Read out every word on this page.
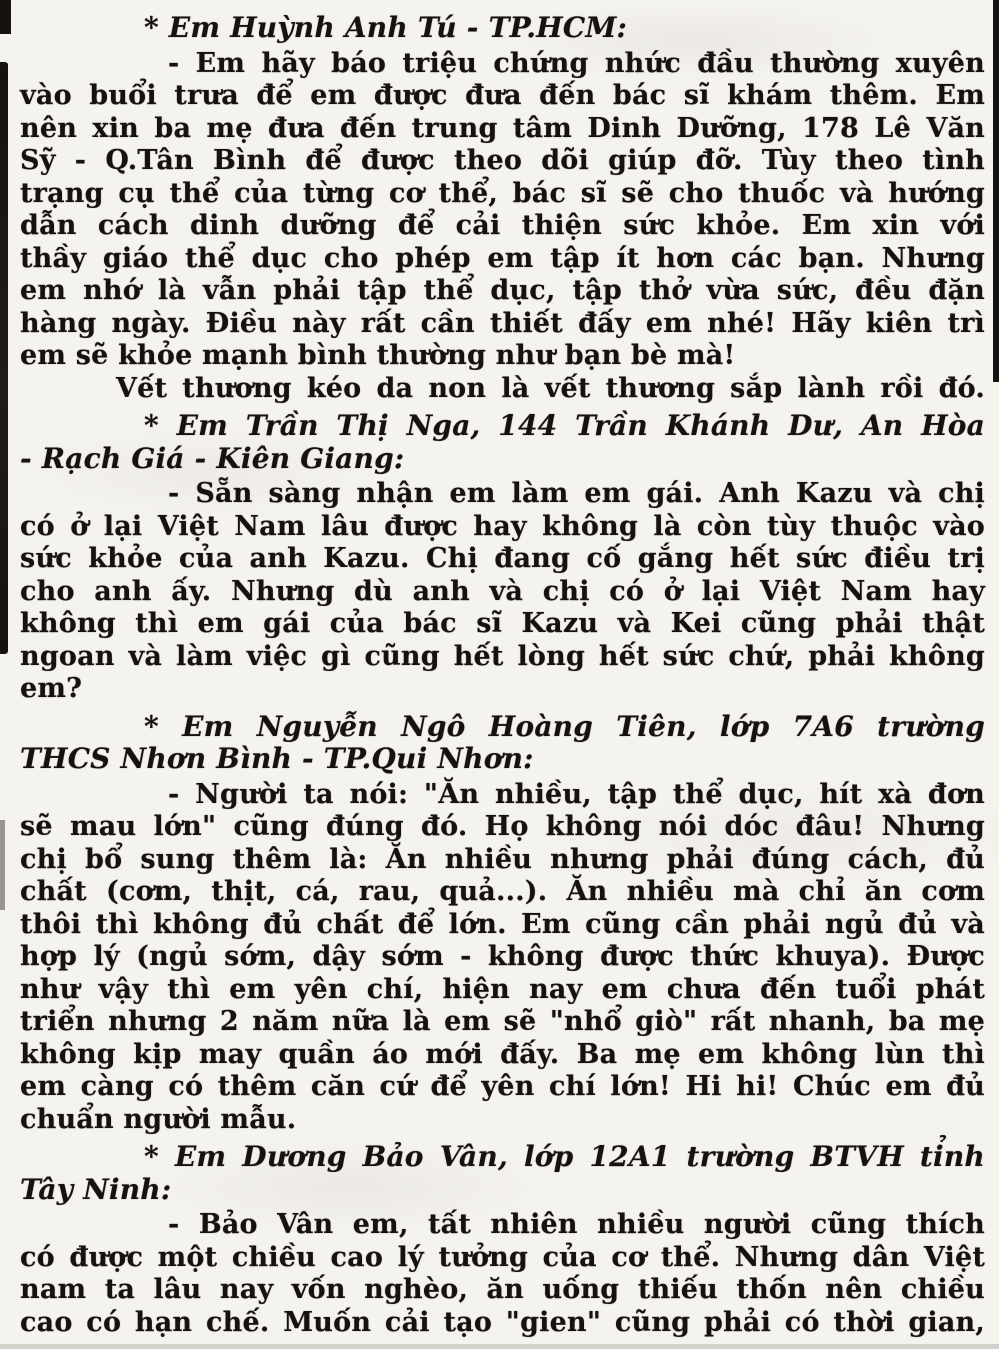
* Em Huỳnh Anh Tú - TP.HCM:
- Em hãy báo triệu chứng nhức đầu thường xuyên
vào buổi trưa để em được đưa đến bác sĩ khám thêm. Em
nên xin ba mẹ đưa đến trung tâm Dinh Dưỡng, 178 Lê Văn
Sỹ - Q.Tân Bình để được theo dõi giúp đỡ. Tùy theo tình
trạng cụ thể của từng cơ thể, bác sĩ sẽ cho thuốc và hướng
dẫn cách dinh dưỡng để cải thiện sức khỏe. Em xin với
thầy giáo thể dục cho phép em tập ít hơn các bạn. Nhưng
em nhớ là vẫn phải tập thể dục, tập thở vừa sức, đều đặn
hàng ngày. Điều này rất cần thiết đấy em nhé! Hãy kiên trì
em sẽ khỏe mạnh bình thường như bạn bè mà!
Vết thương kéo da non là vết thương sắp lành rồi đó.
* Em Trần Thị Nga, 144 Trần Khánh Dư, An Hòa
- Rạch Giá - Kiên Giang:
- Sẵn sàng nhận em làm em gái. Anh Kazu và chị
có ở lại Việt Nam lâu được hay không là còn tùy thuộc vào
sức khỏe của anh Kazu. Chị đang cố gắng hết sức điều trị
cho anh ấy. Nhưng dù anh và chị có ở lại Việt Nam hay
không thì em gái của bác sĩ Kazu và Kei cũng phải thật
ngoan và làm việc gì cũng hết lòng hết sức chứ, phải không
em?
* Em Nguyễn Ngô Hoàng Tiên, lớp 7A6 trường
THCS Nhơn Bình - TP.Qui Nhơn:
- Người ta nói: "Ăn nhiều, tập thể dục, hít xà đơn
sẽ mau lớn" cũng đúng đó. Họ không nói dóc đâu! Nhưng
chị bổ sung thêm là: Ăn nhiều nhưng phải đúng cách, đủ
chất (cơm, thịt, cá, rau, quả...). Ăn nhiều mà chỉ ăn cơm
thôi thì không đủ chất để lớn. Em cũng cần phải ngủ đủ và
hợp lý (ngủ sớm, dậy sớm - không được thức khuya). Được
như vậy thì em yên chí, hiện nay em chưa đến tuổi phát
triển nhưng 2 năm nữa là em sẽ "nhổ giò" rất nhanh, ba mẹ
không kịp may quần áo mới đấy. Ba mẹ em không lùn thì
em càng có thêm căn cứ để yên chí lớn! Hi hi! Chúc em đủ
chuẩn người mẫu.
* Em Dương Bảo Vân, lớp 12A1 trường BTVH tỉnh
Tây Ninh:
- Bảo Vân em, tất nhiên nhiều người cũng thích
có được một chiều cao lý tưởng của cơ thể. Nhưng dân Việt
nam ta lâu nay vốn nghèo, ăn uống thiếu thốn nên chiều
cao có hạn chế. Muốn cải tạo "gien" cũng phải có thời gian,
